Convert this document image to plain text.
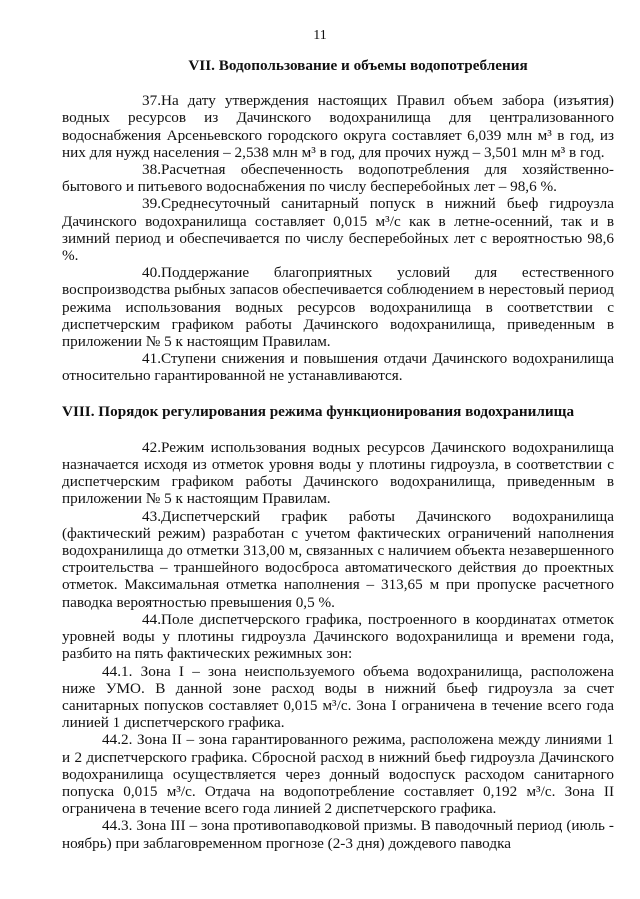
11
VII. Водопользование и объемы водопотребления

37.На дату утверждения настоящих Правил объем забора (изъятия) водных ресурсов из Дачинского водохранилища для централизованного водоснабжения Арсеньевского городского округа составляет 6,039 млн м³ в год, из них для нужд населения – 2,538 млн м³ в год, для прочих нужд – 3,501 млн м³ в год.

38.Расчетная обеспеченность водопотребления для хозяйственно-бытового и питьевого водоснабжения по числу бесперебойных лет – 98,6 %.

39.Среднесуточный санитарный попуск в нижний бьеф гидроузла Дачинского водохранилища составляет 0,015 м³/с как в летне-осенний, так и в зимний период и обеспечивается по числу бесперебойных лет с вероятностью 98,6 %.

40.Поддержание благоприятных условий для естественного воспроизводства рыбных запасов обеспечивается соблюдением в нерестовый период режима использования водных ресурсов водохранилища в соответствии с диспетчерским графиком работы Дачинского водохранилища, приведенным в приложении № 5 к настоящим Правилам.

41.Ступени снижения и повышения отдачи Дачинского водохранилища относительно гарантированной не устанавливаются.

VIII. Порядок регулирования режима функционирования водохранилища

42.Режим использования водных ресурсов Дачинского водохранилища назначается исходя из отметок уровня воды у плотины гидроузла, в соответствии с диспетчерским графиком работы Дачинского водохранилища, приведенным в приложении № 5 к настоящим Правилам.

43.Диспетчерский график работы Дачинского водохранилища (фактический режим) разработан с учетом фактических ограничений наполнения водохранилища до отметки 313,00 м, связанных с наличием объекта незавершенного строительства – траншейного водосброса автоматического действия до проектных отметок. Максимальная отметка наполнения – 313,65 м при пропуске расчетного паводка вероятностью превышения 0,5 %.

44.Поле диспетчерского графика, построенного в координатах отметок уровней воды у плотины гидроузла Дачинского водохранилища и времени года, разбито на пять фактических режимных зон:

44.1. Зона I – зона неиспользуемого объема водохранилища, расположена ниже УМО. В данной зоне расход воды в нижний бьеф гидроузла за счет санитарных попусков составляет 0,015 м³/с. Зона I ограничена в течение всего года линией 1 диспетчерского графика.

44.2. Зона II – зона гарантированного режима, расположена между линиями 1 и 2 диспетчерского графика. Сбросной расход в нижний бьеф гидроузла Дачинского водохранилища осуществляется через донный водоспуск расходом санитарного попуска 0,015 м³/с. Отдача на водопотребление составляет 0,192 м³/с. Зона II ограничена в течение всего года линией 2 диспетчерского графика.

44.3. Зона III – зона противопаводковой призмы. В паводочный период (июль - ноябрь) при заблаговременном прогнозе (2-3 дня) дождевого паводка
